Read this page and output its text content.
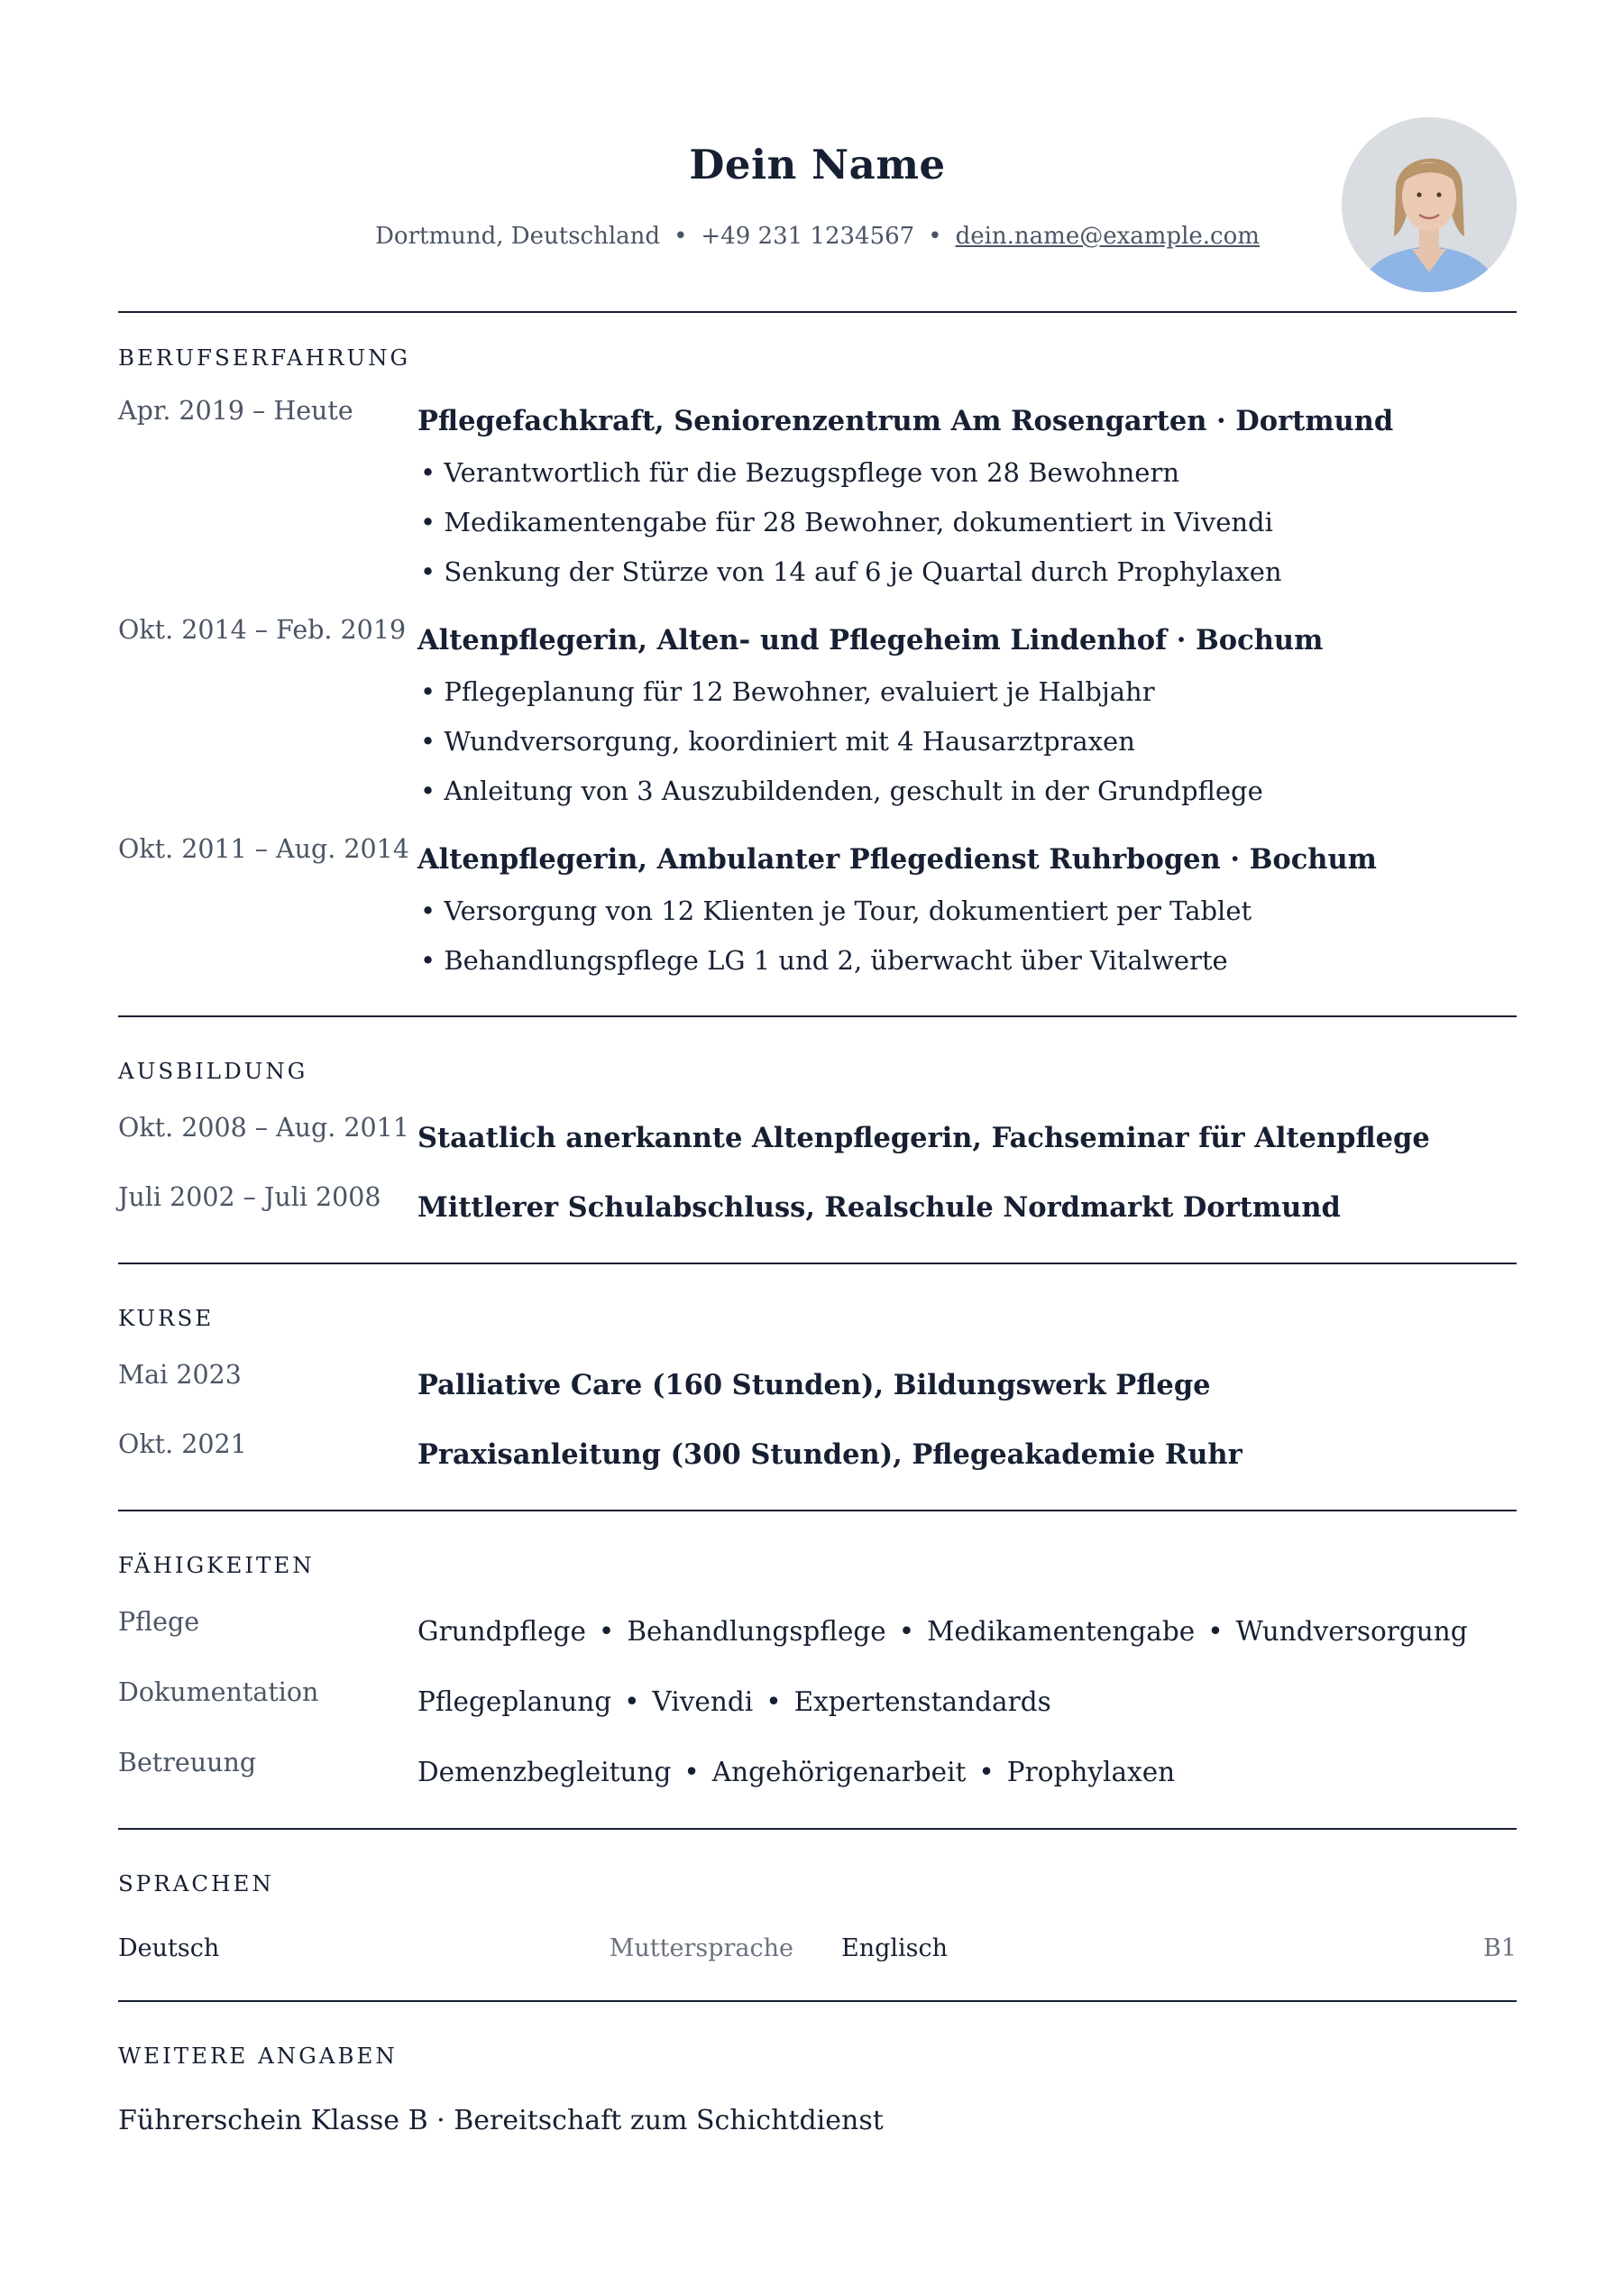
Dein Name
Dortmund, Deutschland • +49 231 1234567 • dein.name@example.com
BERUFSERFAHRUNG
Apr. 2019 – Heute Pflegefachkraft, Seniorenzentrum Am Rosengarten · Dortmund
• Verantwortlich für die Bezugspflege von 28 Bewohnern
• Medikamentengabe für 28 Bewohner, dokumentiert in Vivendi
• Senkung der Stürze von 14 auf 6 je Quartal durch Prophylaxen
Okt. 2014 – Feb. 2019 Altenpflegerin, Alten- und Pflegeheim Lindenhof · Bochum
• Pflegeplanung für 12 Bewohner, evaluiert je Halbjahr
• Wundversorgung, koordiniert mit 4 Hausarztpraxen
• Anleitung von 3 Auszubildenden, geschult in der Grundpflege
Okt. 2011 – Aug. 2014 Altenpflegerin, Ambulanter Pflegedienst Ruhrbogen · Bochum
• Versorgung von 12 Klienten je Tour, dokumentiert per Tablet
• Behandlungspflege LG 1 und 2, überwacht über Vitalwerte
AUSBILDUNG
Okt. 2008 – Aug. 2011 Staatlich anerkannte Altenpflegerin, Fachseminar für Altenpflege
Juli 2002 – Juli 2008 Mittlerer Schulabschluss, Realschule Nordmarkt Dortmund
KURSE
Mai 2023	Palliative Care (160 Stunden), Bildungswerk Pflege
Okt. 2021	Praxisanleitung (300 Stunden), Pflegeakademie Ruhr
FÄHIGKEITEN
Pflege	Grundpflege • Behandlungspflege • Medikamentengabe • Wundversorgung
Dokumentation	Pflegeplanung • Vivendi • Expertenstandards
Betreuung	Demenzbegleitung • Angehörigenarbeit • Prophylaxen
SPRACHEN
Deutsch	Muttersprache Englisch	B1
WEITERE ANGABEN
Führerschein Klasse B · Bereitschaft zum Schichtdienst
